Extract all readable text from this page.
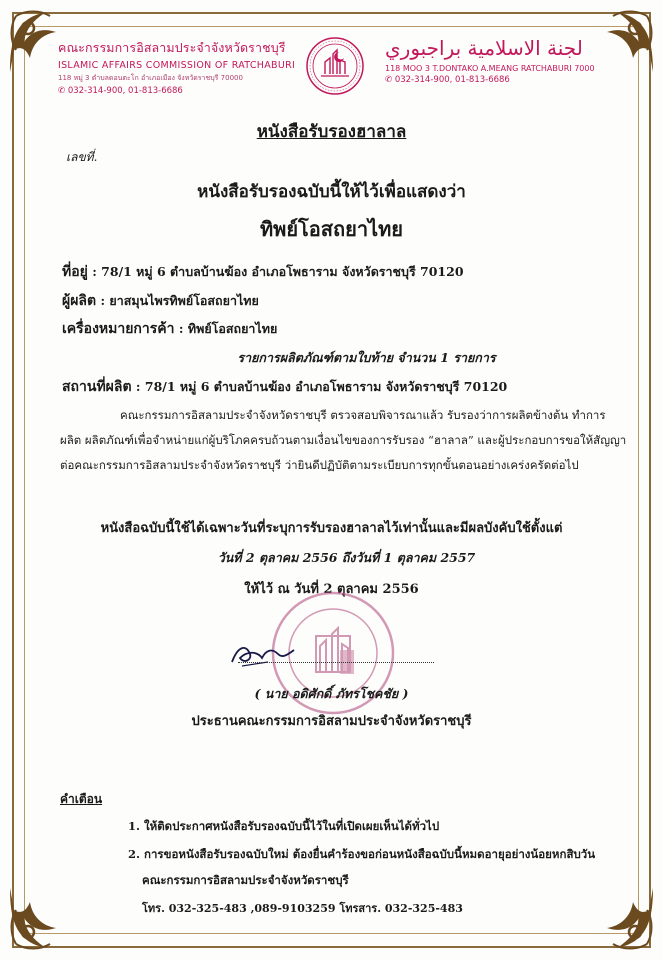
คณะกรรมการอิสลามประจำจังหวัดราชบุรี
ISLAMIC AFFAIRS COMMISSION OF RATCHABURI
118 หมู่ 3 ตำบลดอนตะโก อำเภอเมือง จังหวัดราชบุรี 70000
✆ 032-314-900, 01-813-6686
لجنة الاسلامية براجبوري
118 MOO 3 T.DONTAKO A.MEANG RATCHABURI 7000
✆ 032-314-900, 01-813-6686
หนังสือรับรองฮาลาล
เลขที่.
หนังสือรับรองฉบับนี้ให้ไว้เพื่อแสดงว่า
ทิพย์โอสถยาไทย
ที่อยู่ : 78/1 หมู่ 6 ตำบลบ้านฆ้อง อำเภอโพธาราม จังหวัดราชบุรี 70120
ผู้ผลิต : ยาสมุนไพรทิพย์โอสถยาไทย
เครื่องหมายการค้า : ทิพย์โอสถยาไทย
รายการผลิตภัณฑ์ตามใบท้าย จำนวน 1 รายการ
สถานที่ผลิต : 78/1 หมู่ 6 ตำบลบ้านฆ้อง อำเภอโพธาราม จังหวัดราชบุรี 70120
คณะกรรมการอิสลามประจำจังหวัดราชบุรี ตรวจสอบพิจารณาแล้ว รับรองว่าการผลิตข้างต้น ทำการ
ผลิต ผลิตภัณฑ์เพื่อจำหน่ายแก่ผู้บริโภคครบถ้วนตามเงื่อนไขของการรับรอง “ฮาลาล” และผู้ประกอบการขอให้สัญญา
ต่อคณะกรรมการอิสลามประจำจังหวัดราชบุรี ว่ายินดีปฏิบัติตามระเบียบการทุกขั้นตอนอย่างเคร่งครัดต่อไป
หนังสือฉบับนี้ใช้ได้เฉพาะวันที่ระบุการรับรองฮาลาลไว้เท่านั้นและมีผลบังคับใช้ตั้งแต่
วันที่ 2 ตุลาคม 2556 ถึงวันที่ 1 ตุลาคม 2557
ให้ไว้ ณ วันที่ 2 ตุลาคม 2556
( นาย อดิศักดิ์ ภัทรโชคชัย )
ประธานคณะกรรมการอิสลามประจำจังหวัดราชบุรี
คำเตือน
1. ให้ติดประกาศหนังสือรับรองฉบับนี้ไว้ในที่เปิดเผยเห็นได้ทั่วไป
2. การขอหนังสือรับรองฉบับใหม่ ต้องยื่นคำร้องขอก่อนหนังสือฉบับนี้หมดอายุอย่างน้อยหกสิบวัน
คณะกรรมการอิสลามประจำจังหวัดราชบุรี
โทร. 032-325-483 ,089-9103259 โทรสาร. 032-325-483
